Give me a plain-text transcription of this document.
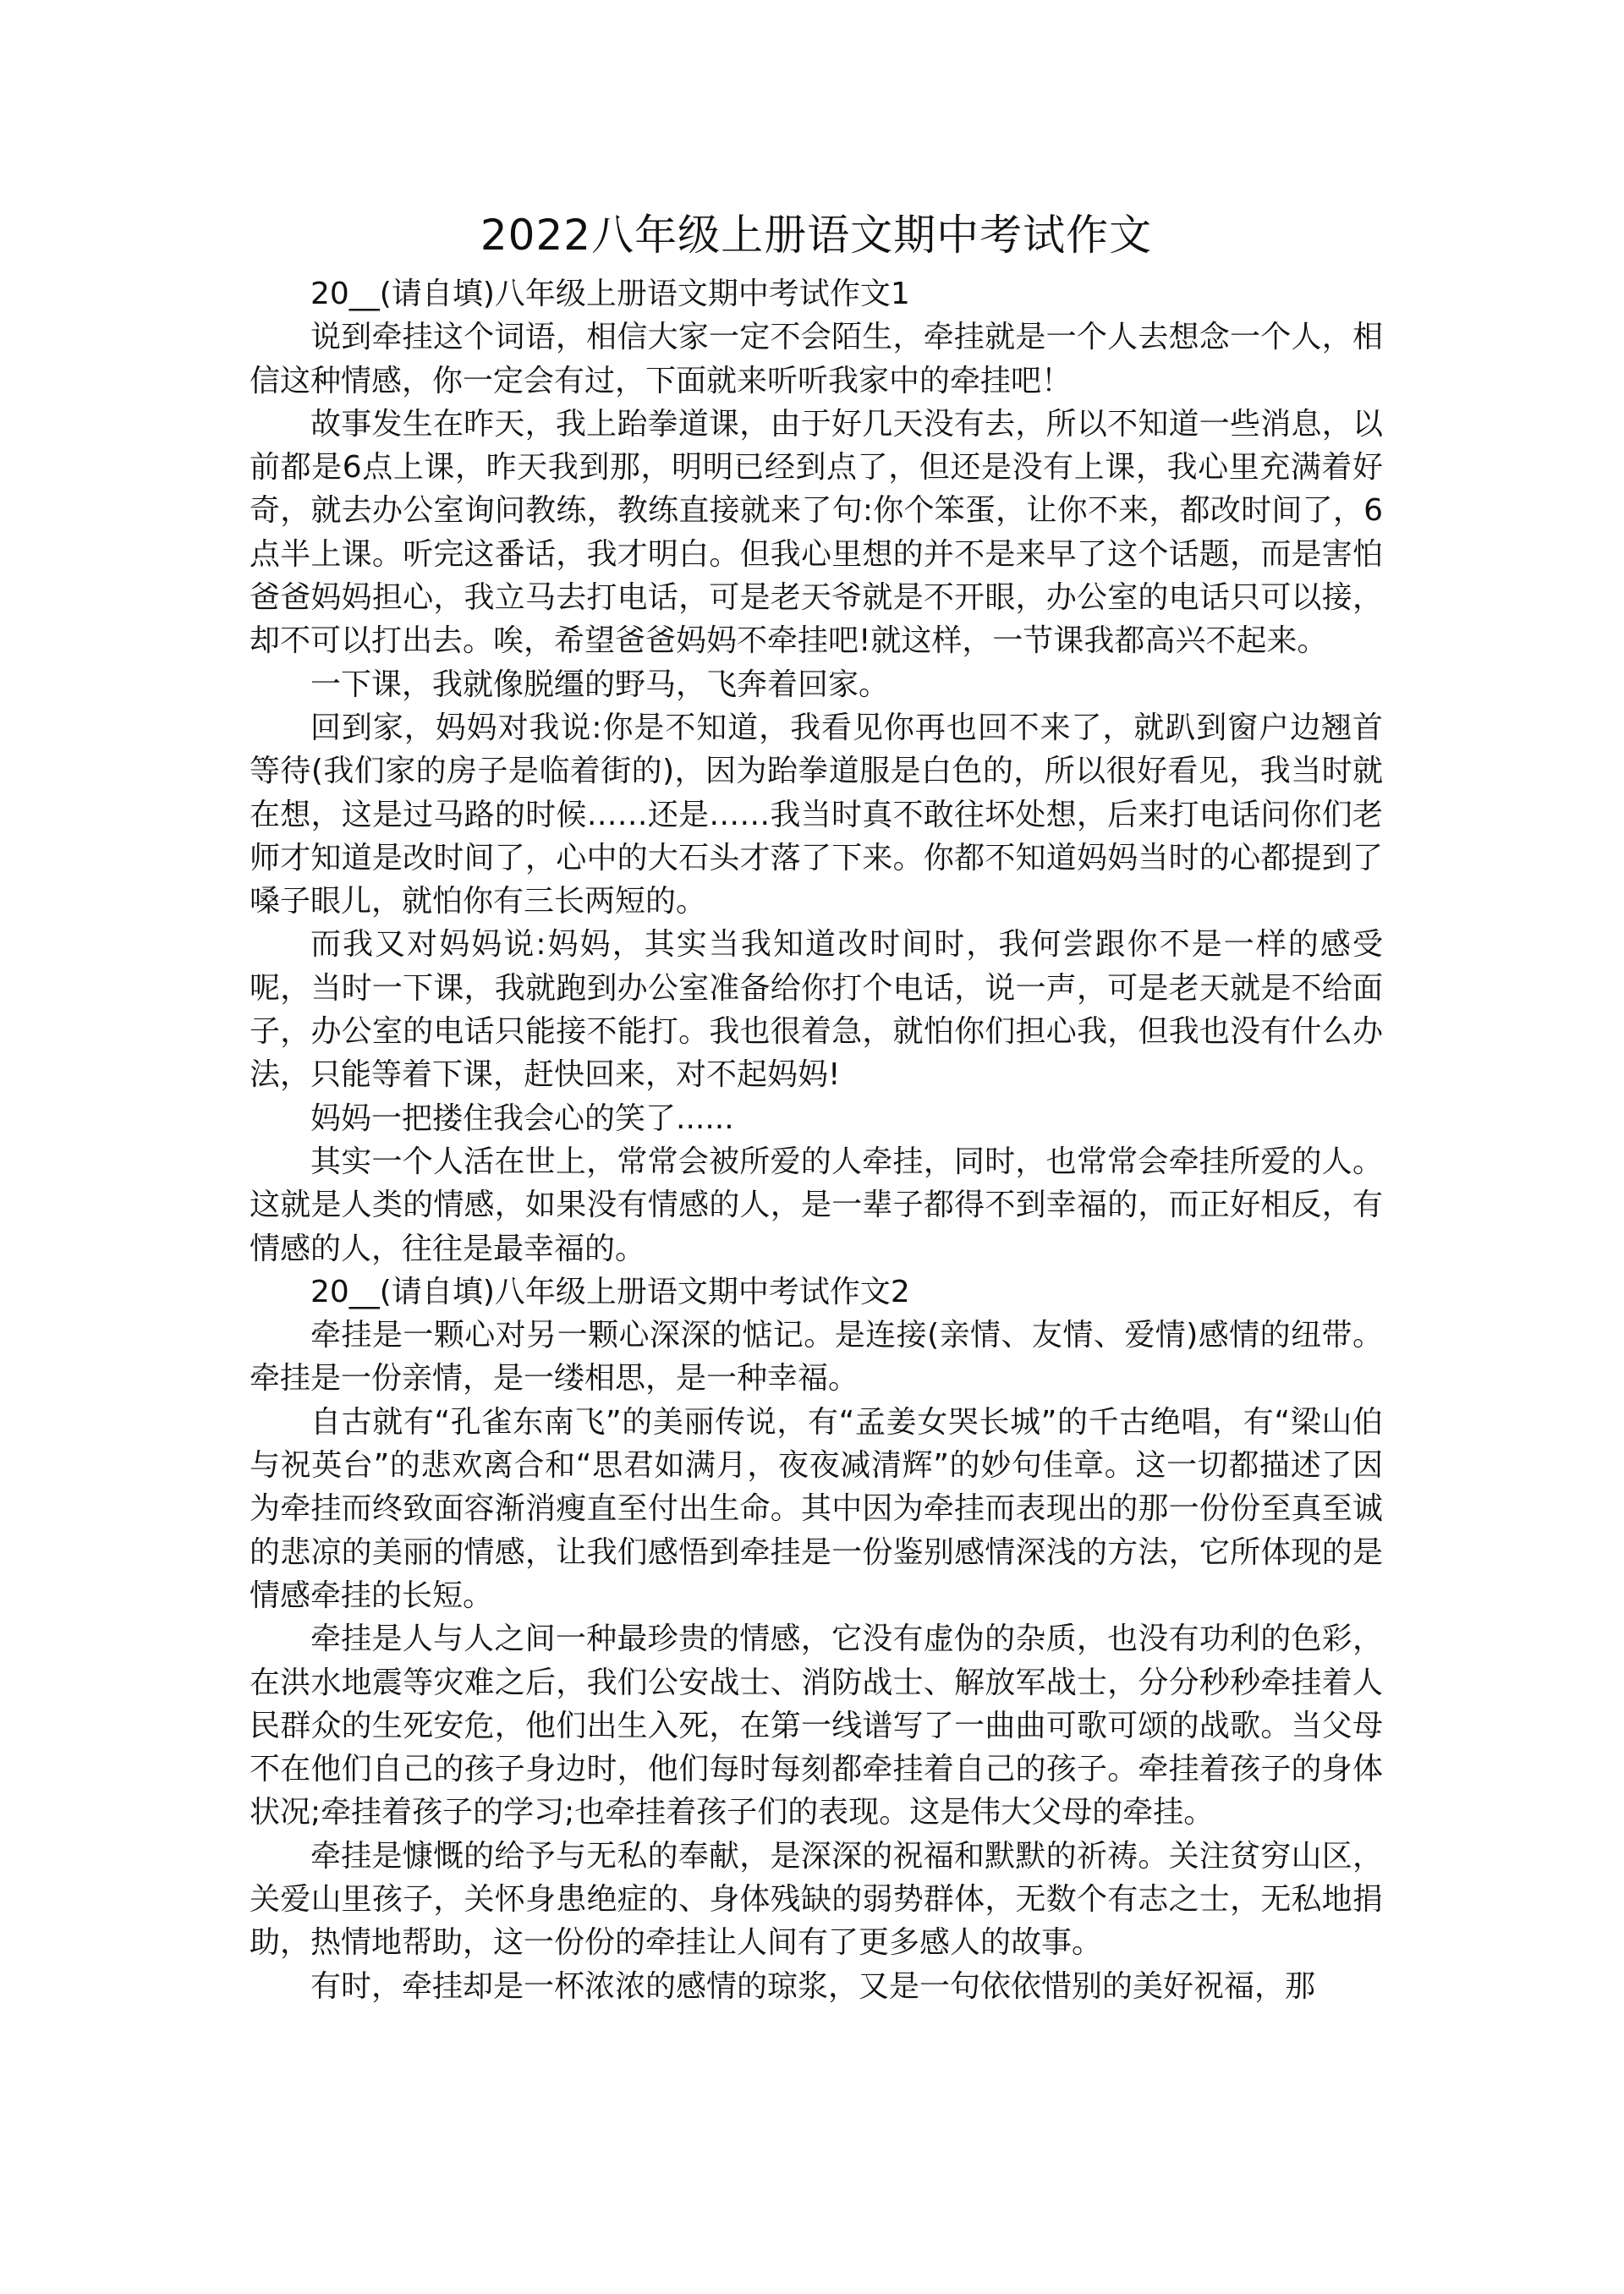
2022八年级上册语文期中考试作文

20__(请自填)八年级上册语文期中考试作文1

说到牵挂这个词语，相信大家一定不会陌生，牵挂就是一个人去想念一个人，相信这种情感，你一定会有过，下面就来听听我家中的牵挂吧！

故事发生在昨天，我上跆拳道课，由于好几天没有去，所以不知道一些消息，以前都是6点上课，昨天我到那，明明已经到点了，但还是没有上课，我心里充满着好奇，就去办公室询问教练，教练直接就来了句:你个笨蛋，让你不来，都改时间了，6点半上课。听完这番话，我才明白。但我心里想的并不是来早了这个话题，而是害怕爸爸妈妈担心，我立马去打电话，可是老天爷就是不开眼，办公室的电话只可以接，却不可以打出去。唉，希望爸爸妈妈不牵挂吧!就这样，一节课我都高兴不起来。

一下课，我就像脱缰的野马，飞奔着回家。

回到家，妈妈对我说:你是不知道，我看见你再也回不来了，就趴到窗户边翘首等待(我们家的房子是临着街的)，因为跆拳道服是白色的，所以很好看见，我当时就在想，这是过马路的时候……还是……我当时真不敢往坏处想，后来打电话问你们老师才知道是改时间了，心中的大石头才落了下来。你都不知道妈妈当时的心都提到了嗓子眼儿，就怕你有三长两短的。

而我又对妈妈说:妈妈，其实当我知道改时间时，我何尝跟你不是一样的感受呢，当时一下课，我就跑到办公室准备给你打个电话，说一声，可是老天就是不给面子，办公室的电话只能接不能打。我也很着急，就怕你们担心我，但我也没有什么办法，只能等着下课，赶快回来，对不起妈妈!

妈妈一把搂住我会心的笑了......

其实一个人活在世上，常常会被所爱的人牵挂，同时，也常常会牵挂所爱的人。这就是人类的情感，如果没有情感的人，是一辈子都得不到幸福的，而正好相反，有情感的人，往往是最幸福的。

20__(请自填)八年级上册语文期中考试作文2

牵挂是一颗心对另一颗心深深的惦记。是连接(亲情、友情、爱情)感情的纽带。牵挂是一份亲情，是一缕相思，是一种幸福。

自古就有“孔雀东南飞”的美丽传说，有“孟姜女哭长城”的千古绝唱，有“梁山伯与祝英台”的悲欢离合和“思君如满月，夜夜减清辉”的妙句佳章。这一切都描述了因为牵挂而终致面容渐消瘦直至付出生命。其中因为牵挂而表现出的那一份份至真至诚的悲凉的美丽的情感，让我们感悟到牵挂是一份鉴别感情深浅的方法，它所体现的是情感牵挂的长短。

牵挂是人与人之间一种最珍贵的情感，它没有虚伪的杂质，也没有功利的色彩，在洪水地震等灾难之后，我们公安战士、消防战士、解放军战士，分分秒秒牵挂着人民群众的生死安危，他们出生入死，在第一线谱写了一曲曲可歌可颂的战歌。当父母不在他们自己的孩子身边时，他们每时每刻都牵挂着自己的孩子。牵挂着孩子的身体状况;牵挂着孩子的学习;也牵挂着孩子们的表现。这是伟大父母的牵挂。

牵挂是慷慨的给予与无私的奉献，是深深的祝福和默默的祈祷。关注贫穷山区，关爱山里孩子，关怀身患绝症的、身体残缺的弱势群体，无数个有志之士，无私地捐助，热情地帮助，这一份份的牵挂让人间有了更多感人的故事。

有时，牵挂却是一杯浓浓的感情的琼浆，又是一句依依惜别的美好祝福，那
